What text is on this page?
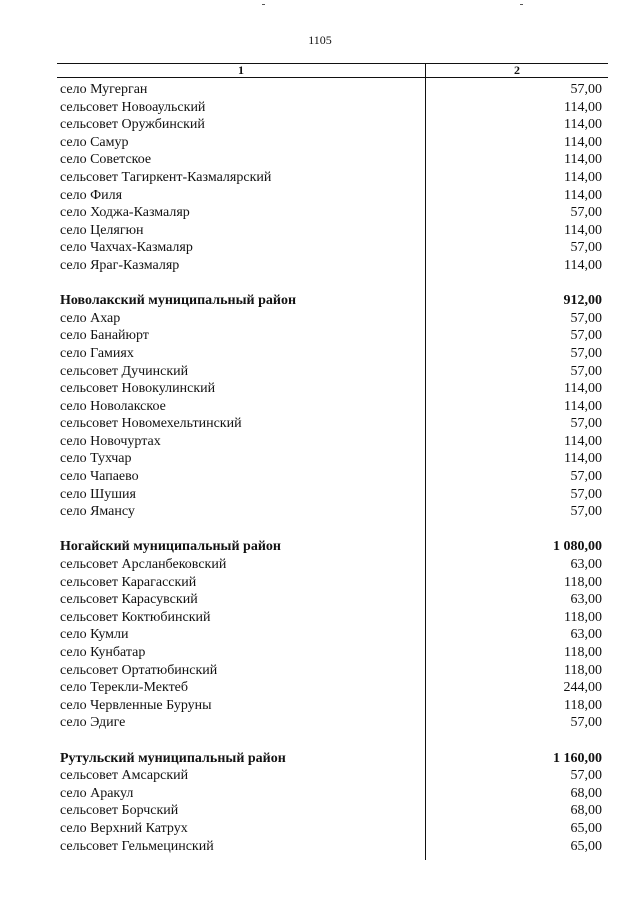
1105
1	2
село Мугерган	57,00
сельсовет Новоаульский	114,00
сельсовет Оружбинский	114,00
село Самур	114,00
село Советское	114,00
сельсовет Тагиркент-Казмалярский	114,00
село Филя	114,00
село Ходжа-Казмаляр	57,00
село Целягюн	114,00
село Чахчах-Казмаляр	57,00
село Яраг-Казмаляр	114,00
Новолакский муниципальный район	912,00
село Ахар	57,00
село Банайюрт	57,00
село Гамиях	57,00
сельсовет Дучинский	57,00
сельсовет Новокулинский	114,00
село Новолакское	114,00
сельсовет Новомехельтинский	57,00
село Новочуртах	114,00
село Тухчар	114,00
село Чапаево	57,00
село Шушия	57,00
село Ямансу	57,00
Ногайский муниципальный район	1 080,00
сельсовет Арсланбековский	63,00
сельсовет Карагасский	118,00
сельсовет Карасувский	63,00
сельсовет Коктюбинский	118,00
село Кумли	63,00
село Кунбатар	118,00
сельсовет Ортатюбинский	118,00
село Терекли-Мектеб	244,00
село Червленные Буруны	118,00
село Эдиге	57,00
Рутульский муниципальный район	1 160,00
сельсовет Амсарский	57,00
село Аракул	68,00
сельсовет Борчский	68,00
село Верхний Катрух	65,00
сельсовет Гельмецинский	65,00
